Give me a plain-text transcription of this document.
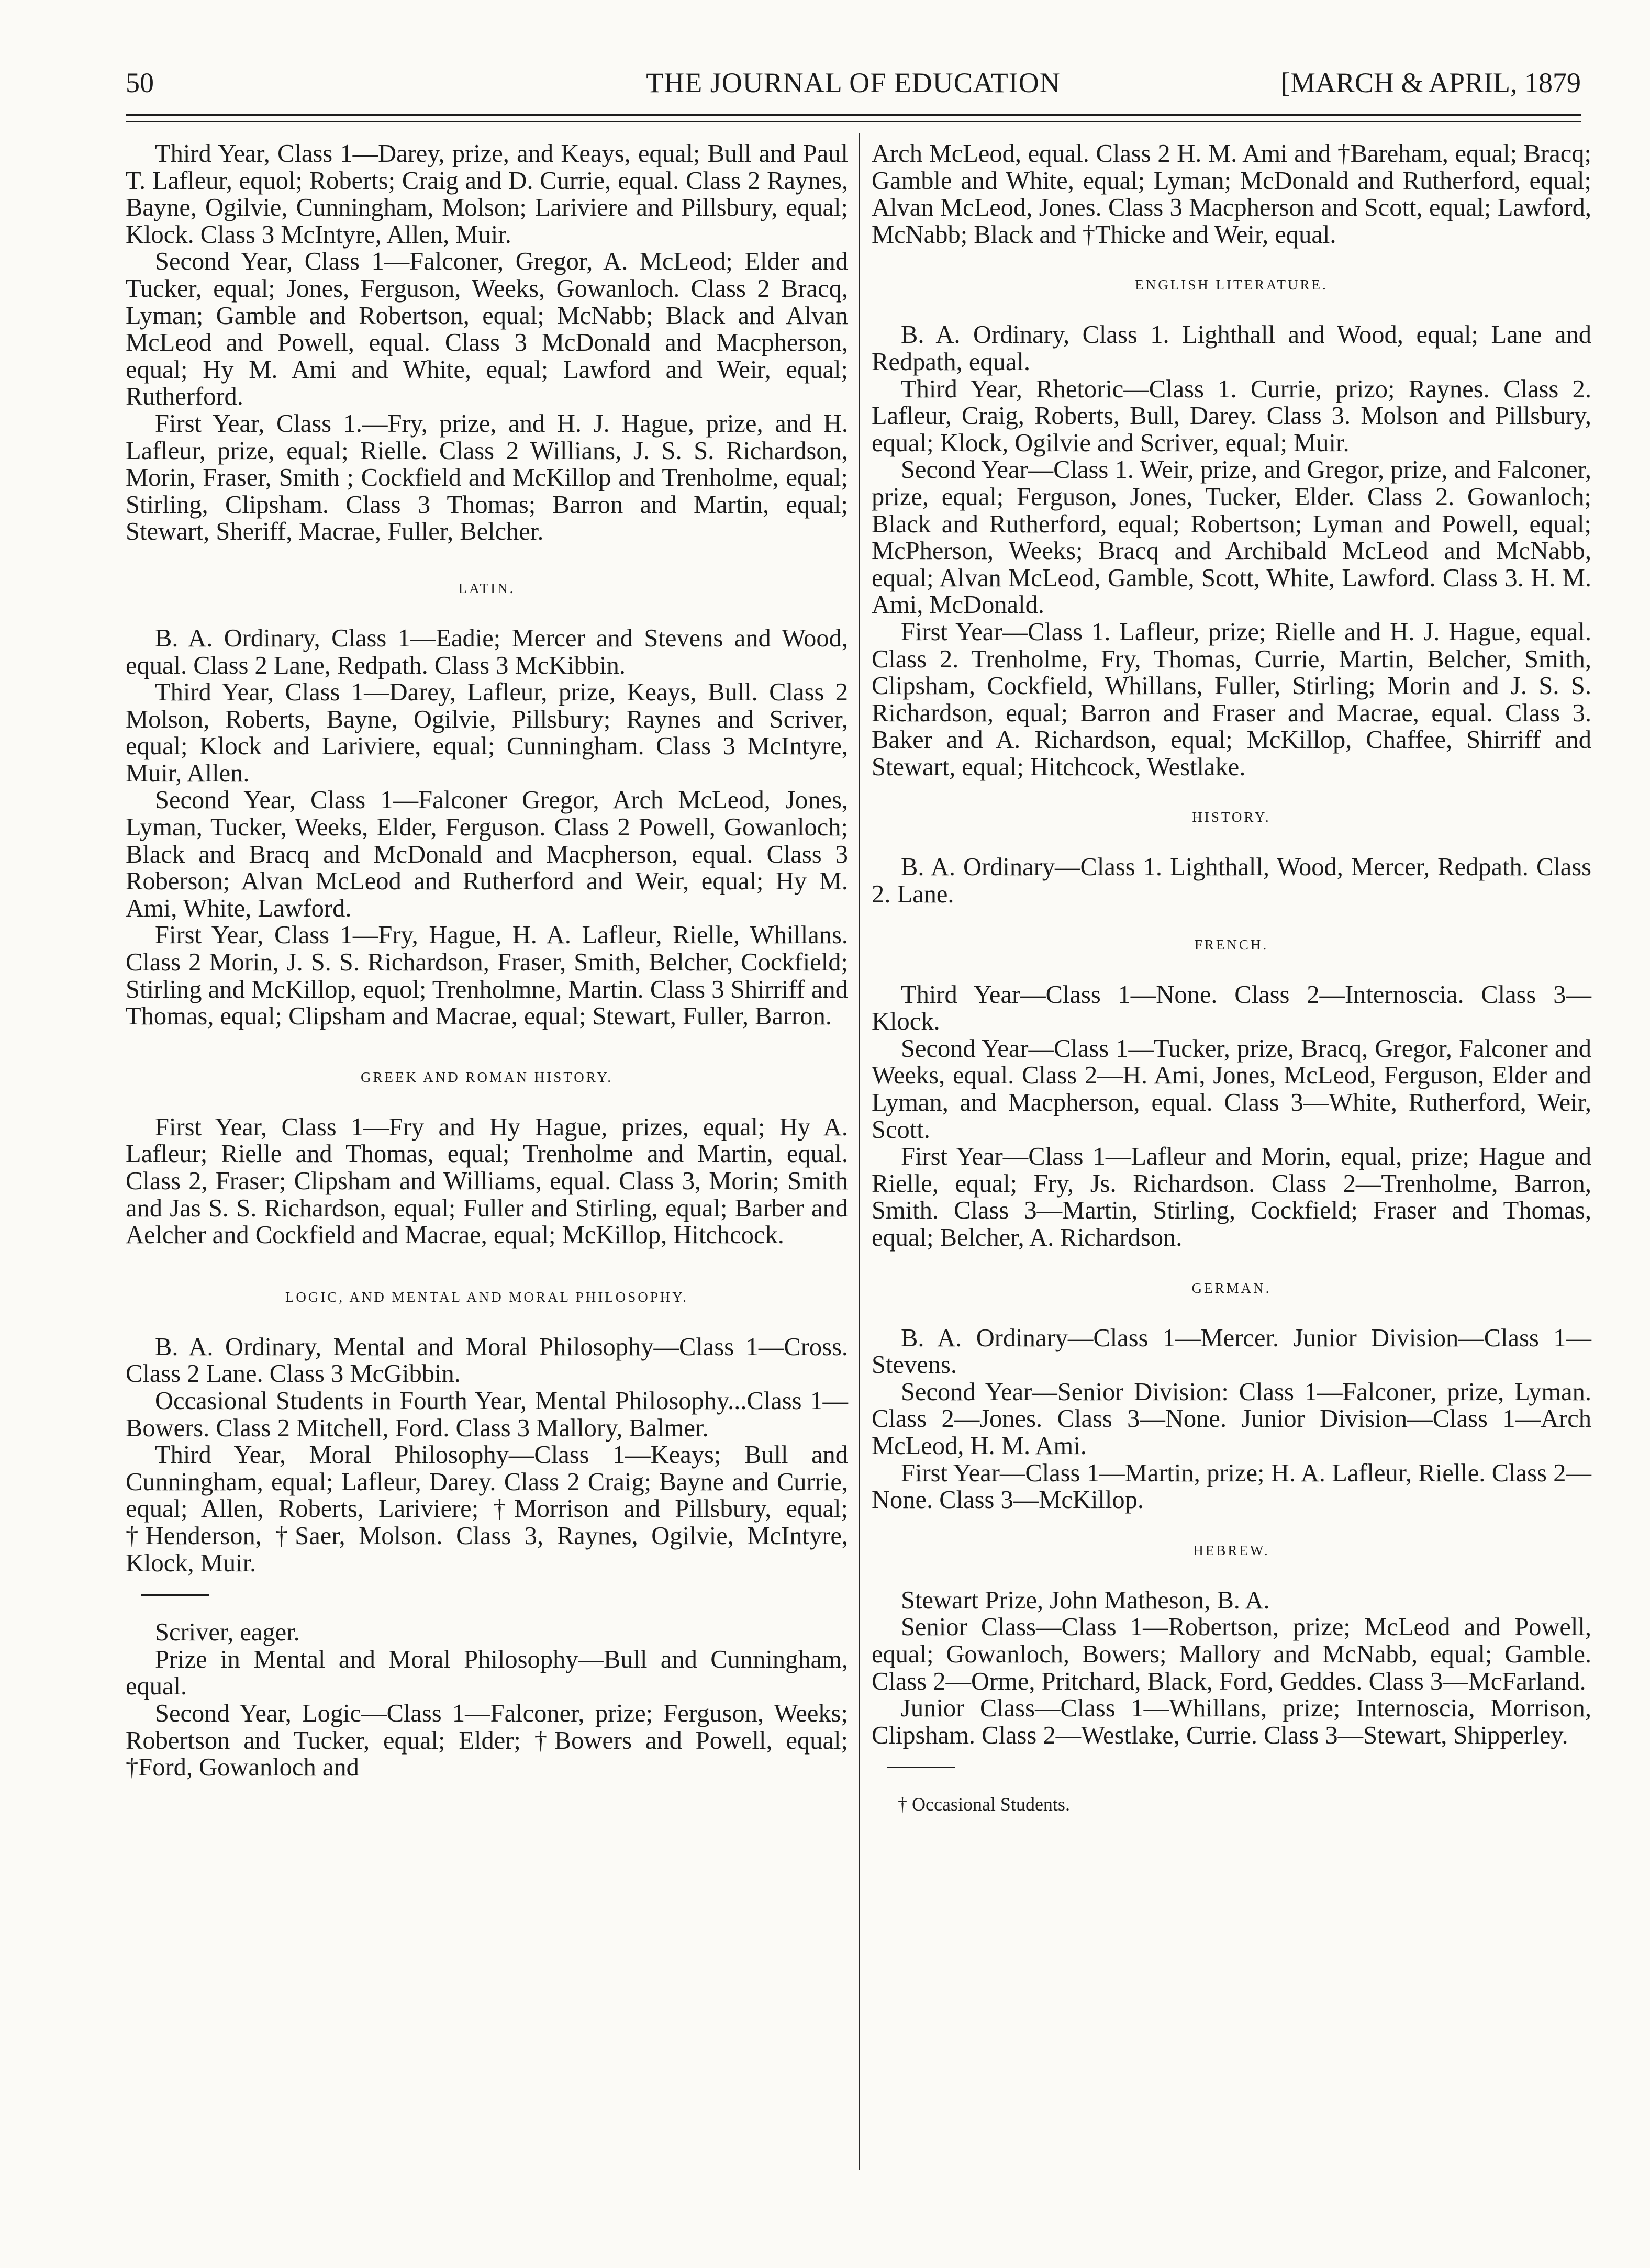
50	THE JOURNAL OF EDUCATION	[MARCH & APRIL, 1879

Third Year, Class 1—Darey, prize, and Keays, equal; Bull and Paul T. Lafleur, equol; Roberts; Craig and D. Currie, equal. Class 2 Raynes, Bayne, Ogilvie, Cunningham, Molson; Lariviere and Pillsbury, equal; Klock. Class 3 McIntyre, Allen, Muir.

Second Year, Class 1—Falconer, Gregor, A. McLeod; Elder and Tucker, equal; Jones, Ferguson, Weeks, Gowanloch. Class 2 Bracq, Lyman; Gamble and Robertson, equal; McNabb; Black and Alvan McLeod and Powell, equal. Class 3 McDonald and Macpherson, equal; Hy M. Ami and White, equal; Lawford and Weir, equal; Rutherford.

First Year, Class 1.—Fry, prize, and H. J. Hague, prize, and H. Lafleur, prize, equal; Rielle. Class 2 Willians, J. S. S. Richardson, Morin, Fraser, Smith ; Cockfield and McKillop and Trenholme, equal; Stirling, Clipsham. Class 3 Thomas; Barron and Martin, equal; Stewart, Sheriff, Macrae, Fuller, Belcher.

LATIN.

B. A. Ordinary, Class 1—Eadie; Mercer and Stevens and Wood, equal. Class 2 Lane, Redpath. Class 3 McKibbin.

Third Year, Class 1—Darey, Lafleur, prize, Keays, Bull. Class 2 Molson, Roberts, Bayne, Ogilvie, Pillsbury; Raynes and Scriver, equal; Klock and Lariviere, equal; Cunningham. Class 3 McIntyre, Muir, Allen.

Second Year, Class 1—Falconer Gregor, Arch McLeod, Jones, Lyman, Tucker, Weeks, Elder, Ferguson. Class 2 Powell, Gowanloch; Black and Bracq and McDonald and Macpherson, equal. Class 3 Roberson; Alvan McLeod and Rutherford and Weir, equal; Hy M. Ami, White, Lawford.

First Year, Class 1—Fry, Hague, H. A. Lafleur, Rielle, Whillans. Class 2 Morin, J. S. S. Richardson, Fraser, Smith, Belcher, Cockfield; Stirling and McKillop, equol; Trenholmne, Martin. Class 3 Shirriff and Thomas, equal; Clipsham and Macrae, equal; Stewart, Fuller, Barron.

GREEK AND ROMAN HISTORY.

First Year, Class 1—Fry and Hy Hague, prizes, equal; Hy A. Lafleur; Rielle and Thomas, equal; Trenholme and Martin, equal. Class 2, Fraser; Clipsham and Williams, equal. Class 3, Morin; Smith and Jas S. S. Richardson, equal; Fuller and Stirling, equal; Barber and Aelcher and Cockfield and Macrae, equal; McKillop, Hitchcock.

LOGIC, AND MENTAL AND MORAL PHILOSOPHY.

B. A. Ordinary, Mental and Moral Philosophy—Class 1—Cross. Class 2 Lane. Class 3 McGibbin.

Occasional Students in Fourth Year, Mental Philosophy...Class 1—Bowers. Class 2 Mitchell, Ford. Class 3 Mallory, Balmer.

Third Year, Moral Philosophy—Class 1—Keays; Bull and Cunningham, equal; Lafleur, Darey. Class 2 Craig; Bayne and Currie, equal; Allen, Roberts, Lariviere; †Morrison and Pillsbury, equal; †Henderson, †Saer, Molson. Class 3, Raynes, Ogilvie, McIntyre, Klock, Muir.

Scriver, eager.

Prize in Mental and Moral Philosophy—Bull and Cunningham, equal.

Second Year, Logic—Class 1—Falconer, prize; Ferguson, Weeks; Robertson and Tucker, equal; Elder; †Bowers and Powell, equal; †Ford, Gowanloch and

Arch McLeod, equal. Class 2 H. M. Ami and †Bareham, equal; Bracq; Gamble and White, equal; Lyman; McDonald and Rutherford, equal; Alvan McLeod, Jones. Class 3 Macpherson and Scott, equal; Lawford, McNabb; Black and †Thicke and Weir, equal.

ENGLISH LITERATURE.

B. A. Ordinary, Class 1. Lighthall and Wood, equal; Lane and Redpath, equal.

Third Year, Rhetoric—Class 1. Currie, prizo; Raynes. Class 2. Lafleur, Craig, Roberts, Bull, Darey. Class 3. Molson and Pillsbury, equal; Klock, Ogilvie and Scriver, equal; Muir.

Second Year—Class 1. Weir, prize, and Gregor, prize, and Falconer, prize, equal; Ferguson, Jones, Tucker, Elder. Class 2. Gowanloch; Black and Rutherford, equal; Robertson; Lyman and Powell, equal; McPherson, Weeks; Bracq and Archibald McLeod and McNabb, equal; Alvan McLeod, Gamble, Scott, White, Lawford. Class 3. H. M. Ami, McDonald.

First Year—Class 1. Lafleur, prize; Rielle and H. J. Hague, equal. Class 2. Trenholme, Fry, Thomas, Currie, Martin, Belcher, Smith, Clipsham, Cockfield, Whillans, Fuller, Stirling; Morin and J. S. S. Richardson, equal; Barron and Fraser and Macrae, equal. Class 3. Baker and A. Richardson, equal; McKillop, Chaffee, Shirriff and Stewart, equal; Hitchcock, Westlake.

HISTORY.

B. A. Ordinary—Class 1. Lighthall, Wood, Mercer, Redpath. Class 2. Lane.

FRENCH.

Third Year—Class 1—None. Class 2—Internoscia. Class 3—Klock.

Second Year—Class 1—Tucker, prize, Bracq, Gregor, Falconer and Weeks, equal. Class 2—H. Ami, Jones, McLeod, Ferguson, Elder and Lyman, and Macpherson, equal. Class 3—White, Rutherford, Weir, Scott.

First Year—Class 1—Lafleur and Morin, equal, prize; Hague and Rielle, equal; Fry, Js. Richardson. Class 2—Trenholme, Barron, Smith. Class 3—Martin, Stirling, Cockfield; Fraser and Thomas, equal; Belcher, A. Richardson.

GERMAN.

B. A. Ordinary—Class 1—Mercer. Junior Division—Class 1—Stevens.

Second Year—Senior Division: Class 1—Falconer, prize, Lyman. Class 2—Jones. Class 3—None. Junior Division—Class 1—Arch McLeod, H. M. Ami.

First Year—Class 1—Martin, prize; H. A. Lafleur, Rielle. Class 2—None. Class 3—McKillop.

HEBREW.

Stewart Prize, John Matheson, B. A.

Senior Class—Class 1—Robertson, prize; McLeod and Powell, equal; Gowanloch, Bowers; Mallory and McNabb, equal; Gamble. Class 2—Orme, Pritchard, Black, Ford, Geddes. Class 3—McFarland.

Junior Class—Class 1—Whillans, prize; Internoscia, Morrison, Clipsham. Class 2—Westlake, Currie. Class 3—Stewart, Shipperley.

† Occasional Students.
